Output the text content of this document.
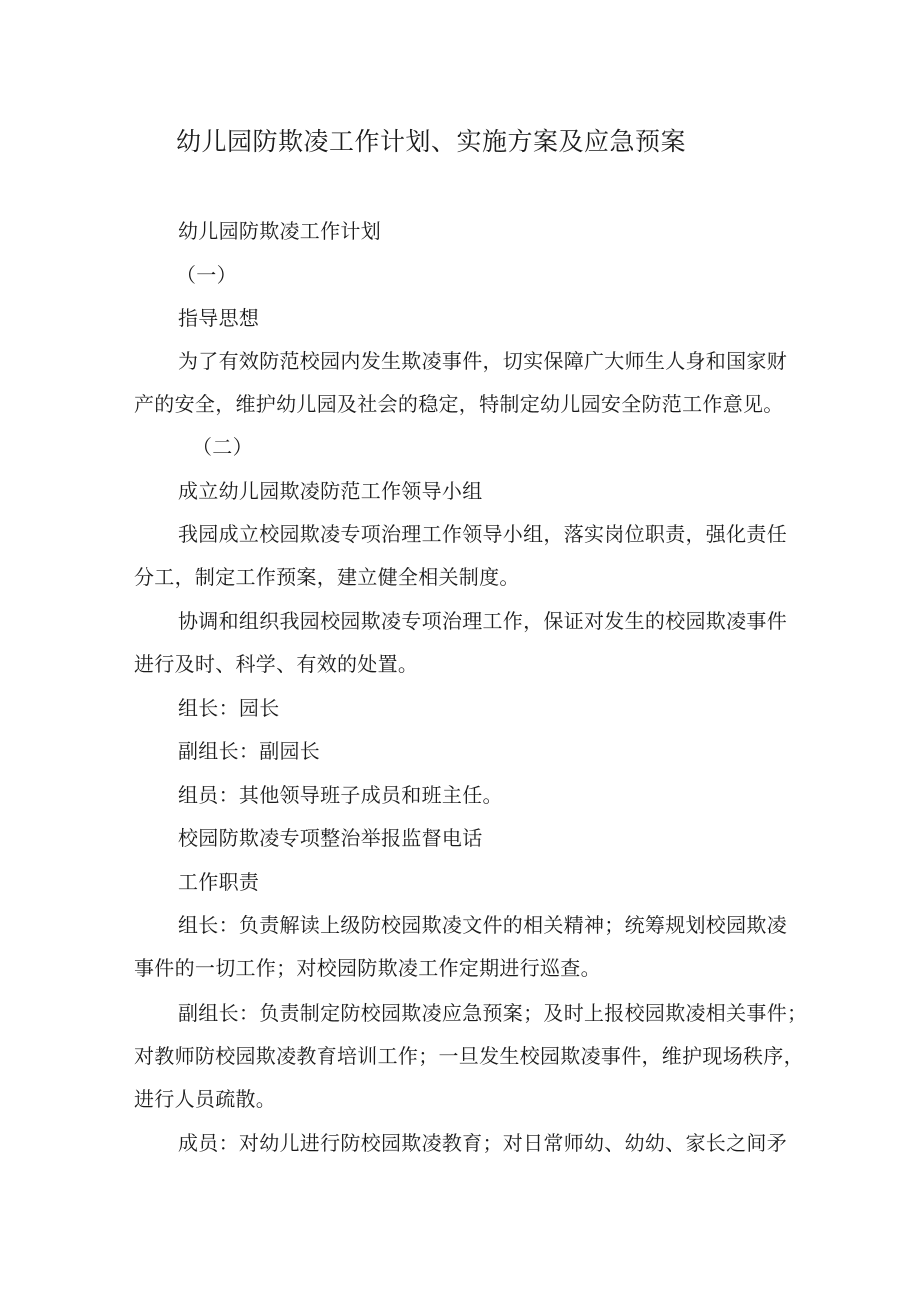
幼儿园防欺凌工作计划、实施方案及应急预案
幼儿园防欺凌工作计划
（一）
指导思想
为了有效防范校园内发生欺凌事件，切实保障广大师生人身和国家财
产的安全，维护幼儿园及社会的稳定，特制定幼儿园安全防范工作意见。
（二）
成立幼儿园欺凌防范工作领导小组
我园成立校园欺凌专项治理工作领导小组，落实岗位职责，强化责任
分工，制定工作预案，建立健全相关制度。
协调和组织我园校园欺凌专项治理工作，保证对发生的校园欺凌事件
进行及时、科学、有效的处置。
组长：园长
副组长：副园长
组员：其他领导班子成员和班主任。
校园防欺凌专项整治举报监督电话
工作职责
组长：负责解读上级防校园欺凌文件的相关精神；统筹规划校园欺凌
事件的一切工作；对校园防欺凌工作定期进行巡查。
副组长：负责制定防校园欺凌应急预案；及时上报校园欺凌相关事件；
对教师防校园欺凌教育培训工作；一旦发生校园欺凌事件，维护现场秩序，
进行人员疏散。
成员：对幼儿进行防校园欺凌教育；对日常师幼、幼幼、家长之间矛
